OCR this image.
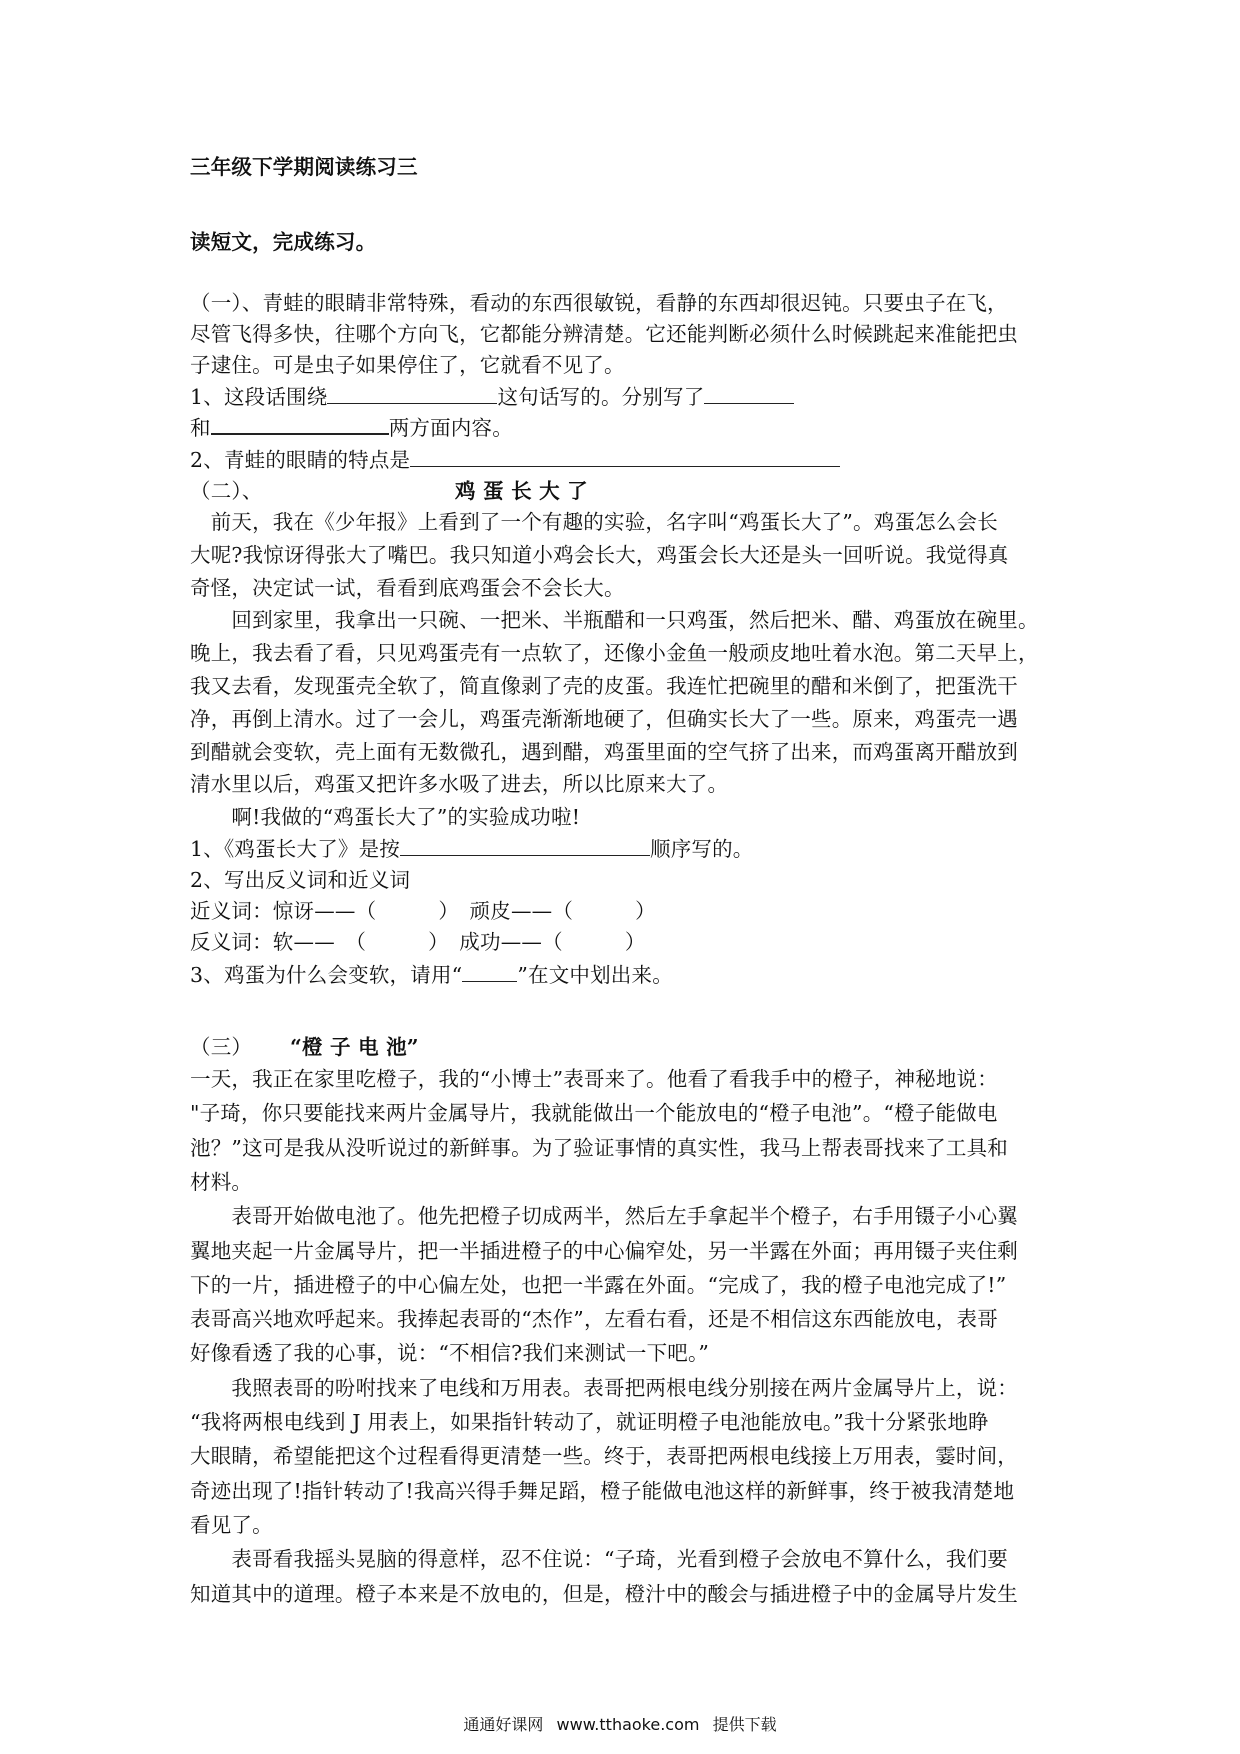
三年级下学期阅读练习三
读短文，完成练习。
（一）、青蛙的眼睛非常特殊，看动的东西很敏锐，看静的东西却很迟钝。只要虫子在飞，
尽管飞得多快，往哪个方向飞，它都能分辨清楚。它还能判断必须什么时候跳起来准能把虫
子逮住。可是虫子如果停住了，它就看不见了。
1、这段话围绕	这句话写的。分别写了
和	两方面内容。
2、青蛙的眼睛的特点是
（二）、	鸡 蛋 长 大 了
　前天，我在《少年报》上看到了一个有趣的实验，名字叫“鸡蛋长大了”。鸡蛋怎么会长
大呢?我惊讶得张大了嘴巴。我只知道小鸡会长大，鸡蛋会长大还是头一回听说。我觉得真
奇怪，决定试一试，看看到底鸡蛋会不会长大。
　　回到家里，我拿出一只碗、一把米、半瓶醋和一只鸡蛋，然后把米、醋、鸡蛋放在碗里。
晚上，我去看了看，只见鸡蛋壳有一点软了，还像小金鱼一般顽皮地吐着水泡。第二天早上，
我又去看，发现蛋壳全软了，简直像剥了壳的皮蛋。我连忙把碗里的醋和米倒了，把蛋洗干
净，再倒上清水。过了一会儿，鸡蛋壳渐渐地硬了，但确实长大了一些。原来，鸡蛋壳一遇
到醋就会变软，壳上面有无数微孔，遇到醋，鸡蛋里面的空气挤了出来，而鸡蛋离开醋放到
清水里以后，鸡蛋又把许多水吸了进去，所以比原来大了。
　　啊!我做的“鸡蛋长大了”的实验成功啦!
1、《鸡蛋长大了》是按	顺序写的。
2、写出反义词和近义词
近义词：惊讶——（　　　）　顽皮——（　　　）
反义词：软——　（　　　）　成功——（　　　）
3、鸡蛋为什么会变软，请用“	”在文中划出来。
（三） “橙 子 电 池”
一天，我正在家里吃橙子，我的“小博士”表哥来了。他看了看我手中的橙子，神秘地说：
"子琦，你只要能找来两片金属导片，我就能做出一个能放电的“橙子电池”。“橙子能做电
池？”这可是我从没听说过的新鲜事。为了验证事情的真实性，我马上帮表哥找来了工具和
材料。
　　表哥开始做电池了。他先把橙子切成两半，然后左手拿起半个橙子，右手用镊子小心翼
翼地夹起一片金属导片，把一半插进橙子的中心偏窄处，另一半露在外面；再用镊子夹住剩
下的一片，插进橙子的中心偏左处，也把一半露在外面。“完成了，我的橙子电池完成了!”
表哥高兴地欢呼起来。我捧起表哥的“杰作”，左看右看，还是不相信这东西能放电，表哥
好像看透了我的心事，说：“不相信?我们来测试一下吧。”
　　我照表哥的吩咐找来了电线和万用表。表哥把两根电线分别接在两片金属导片上，说：
“我将两根电线到 J 用表上，如果指针转动了，就证明橙子电池能放电。”我十分紧张地睁
大眼睛，希望能把这个过程看得更清楚一些。终于，表哥把两根电线接上万用表，霎时间，
奇迹出现了!指针转动了!我高兴得手舞足蹈，橙子能做电池这样的新鲜事，终于被我清楚地
看见了。
　　表哥看我摇头晃脑的得意样，忍不住说：“子琦，光看到橙子会放电不算什么，我们要
知道其中的道理。橙子本来是不放电的，但是，橙汁中的酸会与插进橙子中的金属导片发生
通通好课网 www.tthaoke.com 提供下载
